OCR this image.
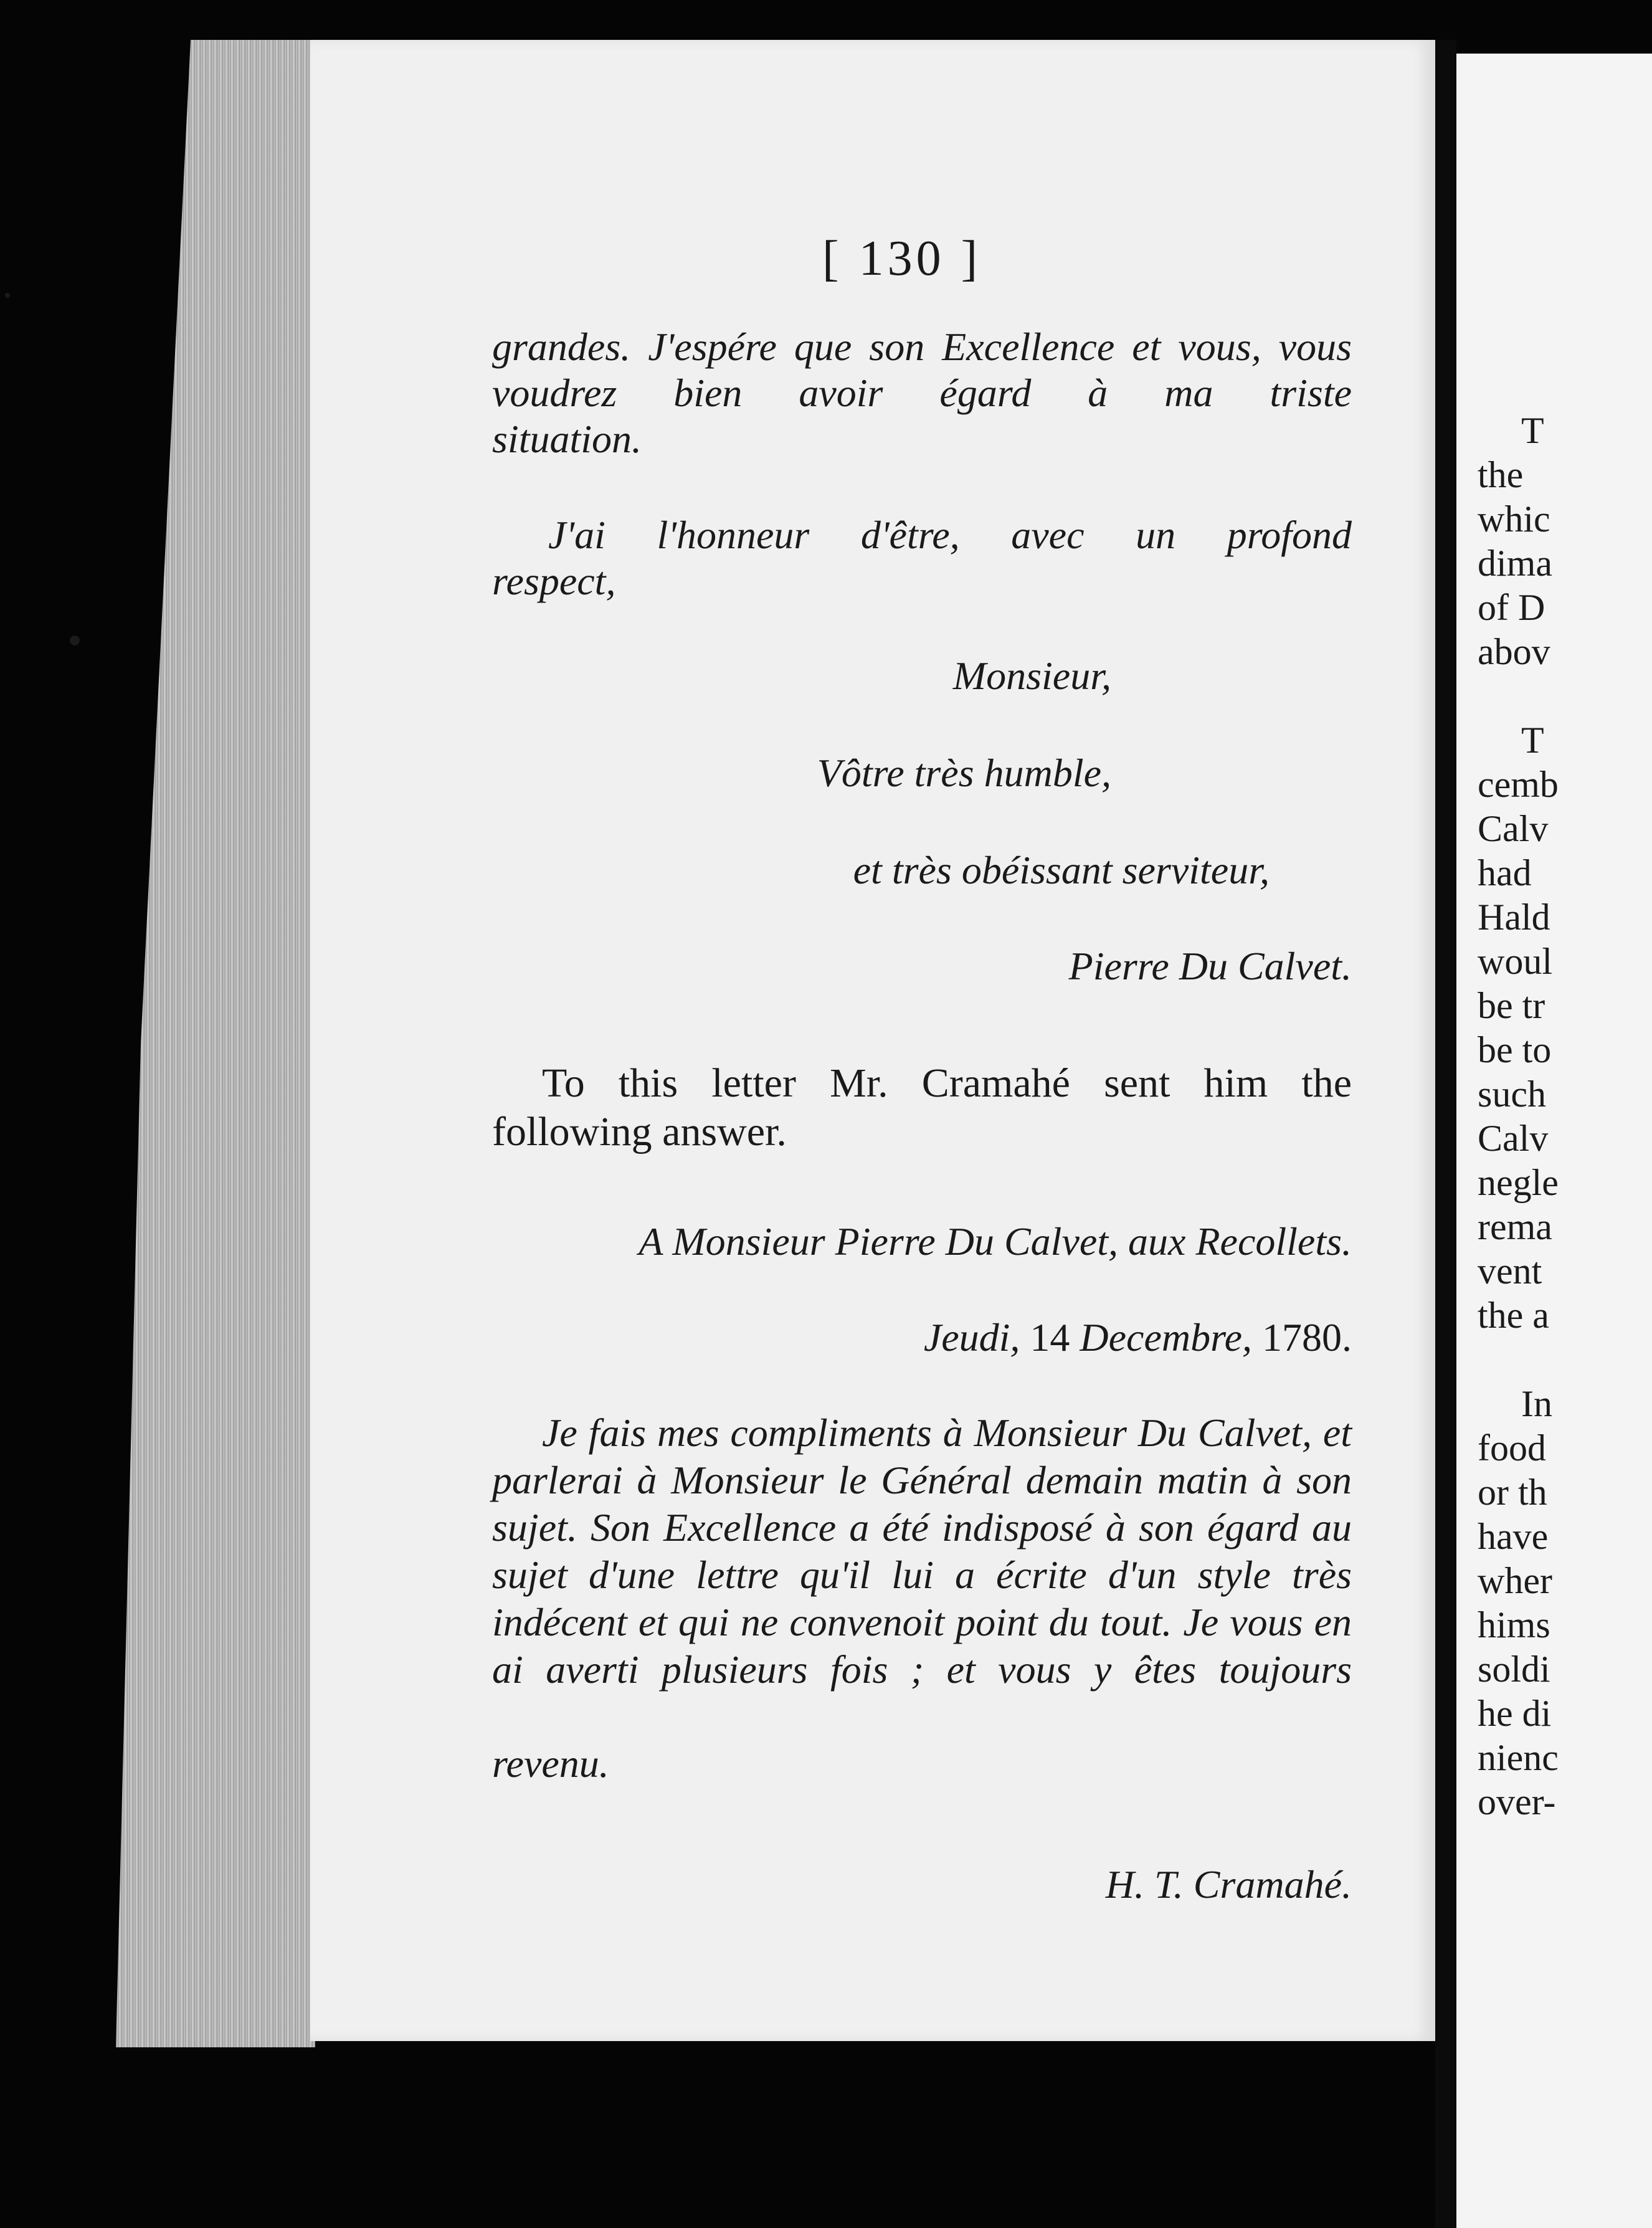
T
the
whic
dima
of D
abov

T
cemb
Calv
had
Hald
woul
be tr
be to
such
Calv
negle
rema
vent
the a

In
food
or th
have
wher
hims
soldi
he di
nienc
over-
[ 130 ]
grandes. J'espére que son Excellence et vous, vous voudrez bien avoir égard à ma triste
situation.
J'ai l'honneur d'être, avec un profond
respect,
Monsieur,
Vôtre très humble,
et très obéissant serviteur,
Pierre Du Calvet.
To this letter Mr. Cramahé sent him the following answer.
A Monsieur Pierre Du Calvet, aux Recollets.
Jeudi, 14 Decembre, 1780.
Je fais mes compliments à Monsieur Du Calvet, et parlerai à Monsieur le Général demain matin à son sujet. Son Excellence a été indisposé à son égard au sujet d'une lettre qu'il lui a écrite d'un style très indécent et qui ne convenoit point du tout. Je vous en ai averti plusieurs fois ; et vous y êtes toujours
revenu.
H. T. Cramahé.
